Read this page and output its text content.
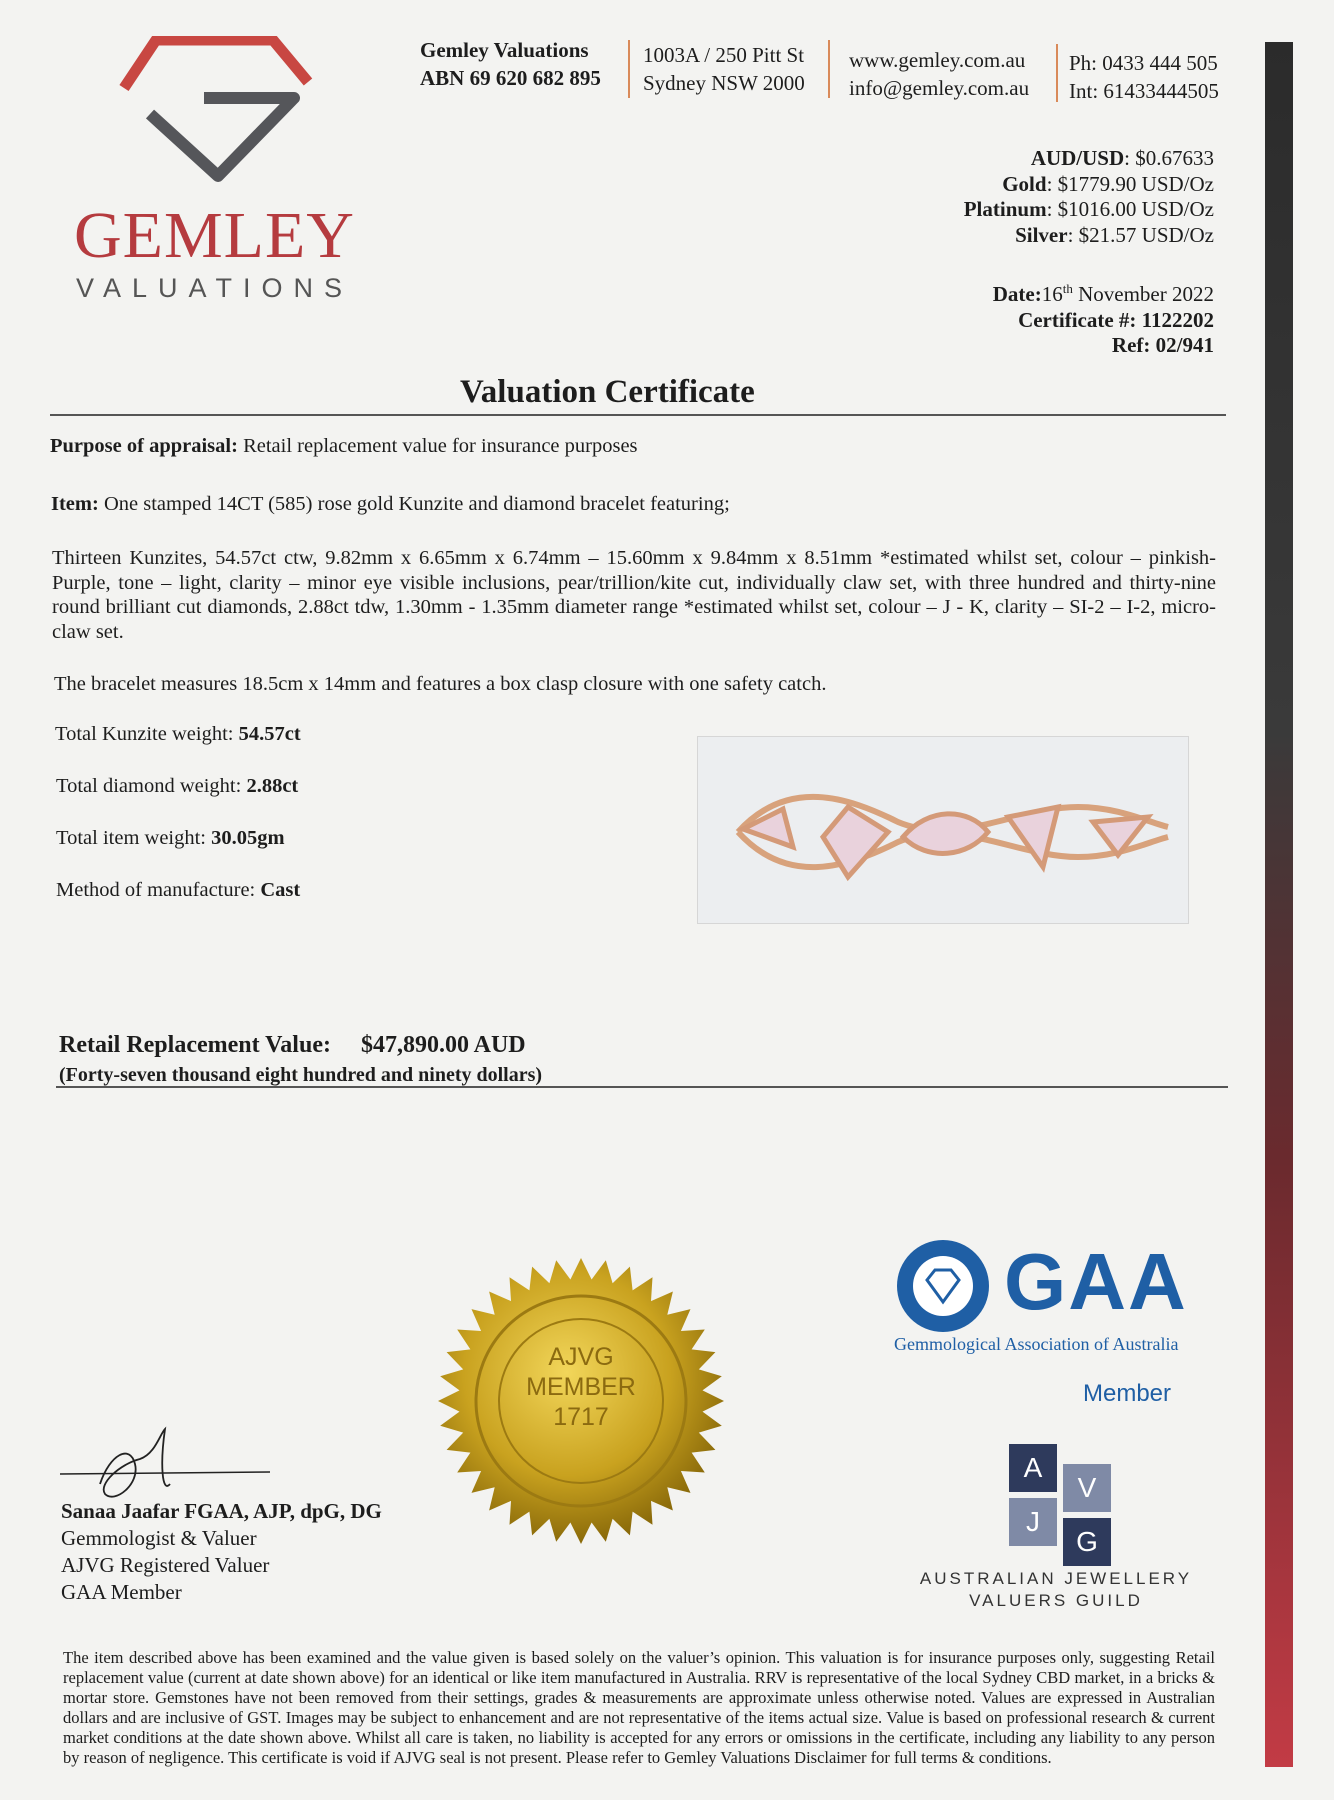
GEMLEY
VALUATIONS
Gemley Valuations
ABN 69 620 682 895
1003A / 250 Pitt St
Sydney NSW 2000
www.gemley.com.au
info@gemley.com.au
Ph: 0433 444 505
Int: 61433444505
AUD/USD: $0.67633
Gold: $1779.90 USD/Oz
Platinum: $1016.00 USD/Oz
Silver: $21.57 USD/Oz
Date:16th November 2022
Certificate #: 1122202
Ref: 02/941
Valuation Certificate
Purpose of appraisal: Retail replacement value for insurance purposes
Item: One stamped 14CT (585) rose gold Kunzite and diamond bracelet featuring;
Thirteen Kunzites, 54.57ct ctw, 9.82mm x 6.65mm x 6.74mm – 15.60mm x 9.84mm x 8.51mm *estimated whilst set, colour – pinkish-Purple, tone – light, clarity – minor eye visible inclusions, pear/trillion/kite cut, individually claw set, with three hundred and thirty-nine round brilliant cut diamonds, 2.88ct tdw, 1.30mm - 1.35mm diameter range *estimated whilst set, colour – J - K, clarity – SI-2 – I-2, micro-claw set.
The bracelet measures 18.5cm x 14mm and features a box clasp closure with one safety catch.
Total Kunzite weight: 54.57ct
Total diamond weight: 2.88ct
Total item weight: 30.05gm
Method of manufacture: Cast
Retail Replacement Value: $47,890.00 AUD
(Forty-seven thousand eight hundred and ninety dollars)
AJVG
MEMBER
1717
GAA
Gemmological Association of Australia
Member
A
V
J
G
AUSTRALIAN JEWELLERY
VALUERS GUILD
Sanaa Jaafar FGAA, AJP, dpG, DG
Gemmologist & Valuer
AJVG Registered Valuer
GAA Member
The item described above has been examined and the value given is based solely on the valuer’s opinion. This valuation is for insurance purposes only, suggesting Retail replacement value (current at date shown above) for an identical or like item manufactured in Australia. RRV is representative of the local Sydney CBD market, in a bricks & mortar store. Gemstones have not been removed from their settings, grades & measurements are approximate unless otherwise noted. Values are expressed in Australian dollars and are inclusive of GST. Images may be subject to enhancement and are not representative of the items actual size. Value is based on professional research & current market conditions at the date shown above. Whilst all care is taken, no liability is accepted for any errors or omissions in the certificate, including any liability to any person by reason of negligence. This certificate is void if AJVG seal is not present. Please refer to Gemley Valuations Disclaimer for full terms & conditions.
